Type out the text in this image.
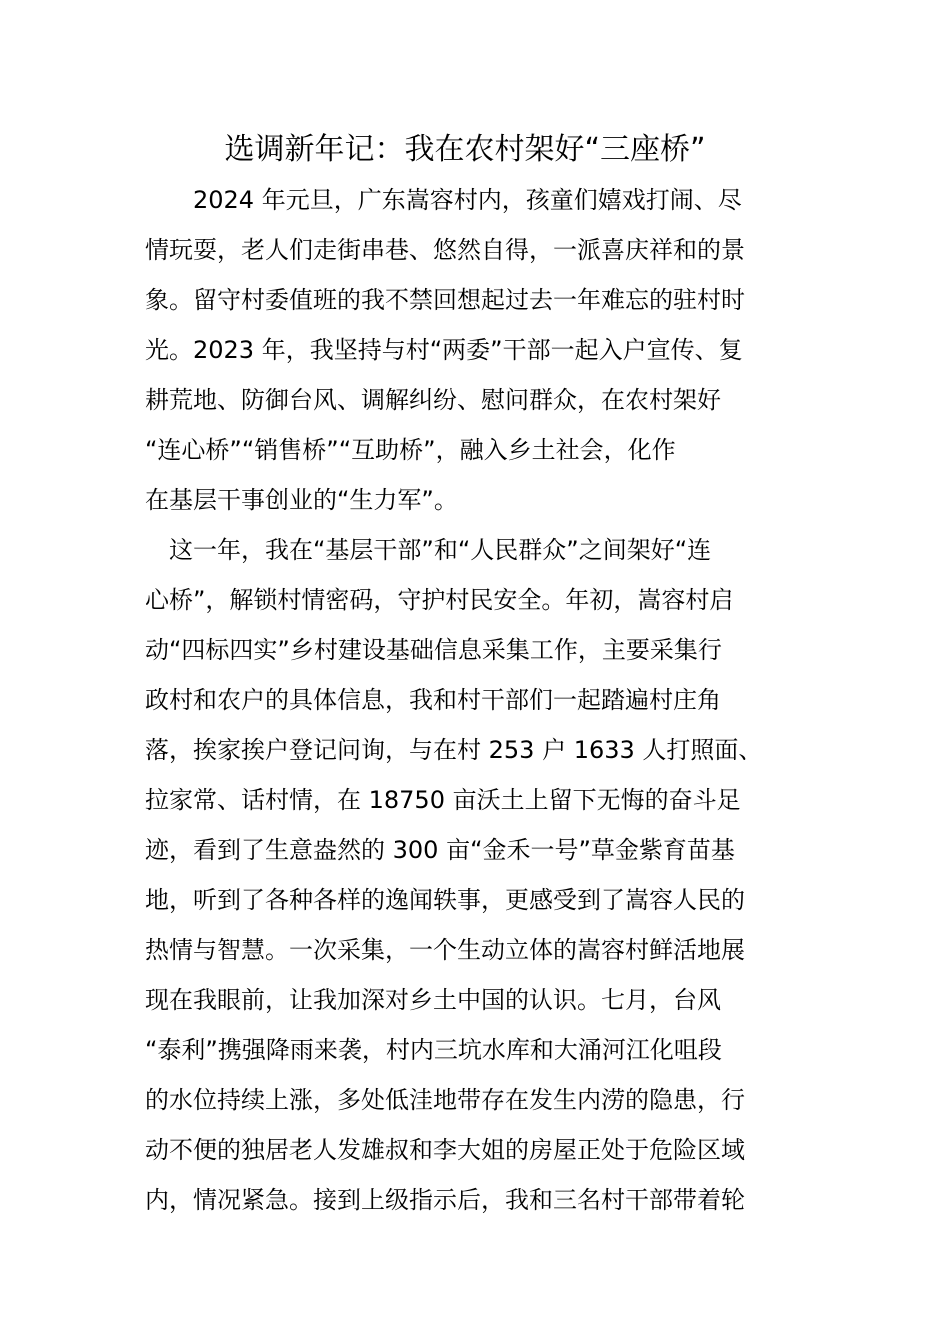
选调新年记：我在农村架好“三座桥”
　　2024 年元旦，广东嵩容村内，孩童们嬉戏打闹、尽
情玩耍，老人们走街串巷、悠然自得，一派喜庆祥和的景
象。留守村委值班的我不禁回想起过去一年难忘的驻村时
光。2023 年，我坚持与村“两委”干部一起入户宣传、复
耕荒地、防御台风、调解纠纷、慰问群众，在农村架好
“连心桥”“销售桥”“互助桥”，融入乡土社会，化作
在基层干事创业的“生力军”。
　这一年，我在“基层干部”和“人民群众”之间架好“连
心桥”，解锁村情密码，守护村民安全。年初，嵩容村启
动“四标四实”乡村建设基础信息采集工作，主要采集行
政村和农户的具体信息，我和村干部们一起踏遍村庄角
落，挨家挨户登记问询，与在村 253 户 1633 人打照面、
拉家常、话村情，在 18750 亩沃土上留下无悔的奋斗足
迹，看到了生意盎然的 300 亩“金禾一号”草金紫育苗基
地，听到了各种各样的逸闻轶事，更感受到了嵩容人民的
热情与智慧。一次采集，一个生动立体的嵩容村鲜活地展
现在我眼前，让我加深对乡土中国的认识。七月，台风
“泰利”携强降雨来袭，村内三坑水库和大涌河江化咀段
的水位持续上涨，多处低洼地带存在发生内涝的隐患，行
动不便的独居老人发雄叔和李大姐的房屋正处于危险区域
内，情况紧急。接到上级指示后，我和三名村干部带着轮
